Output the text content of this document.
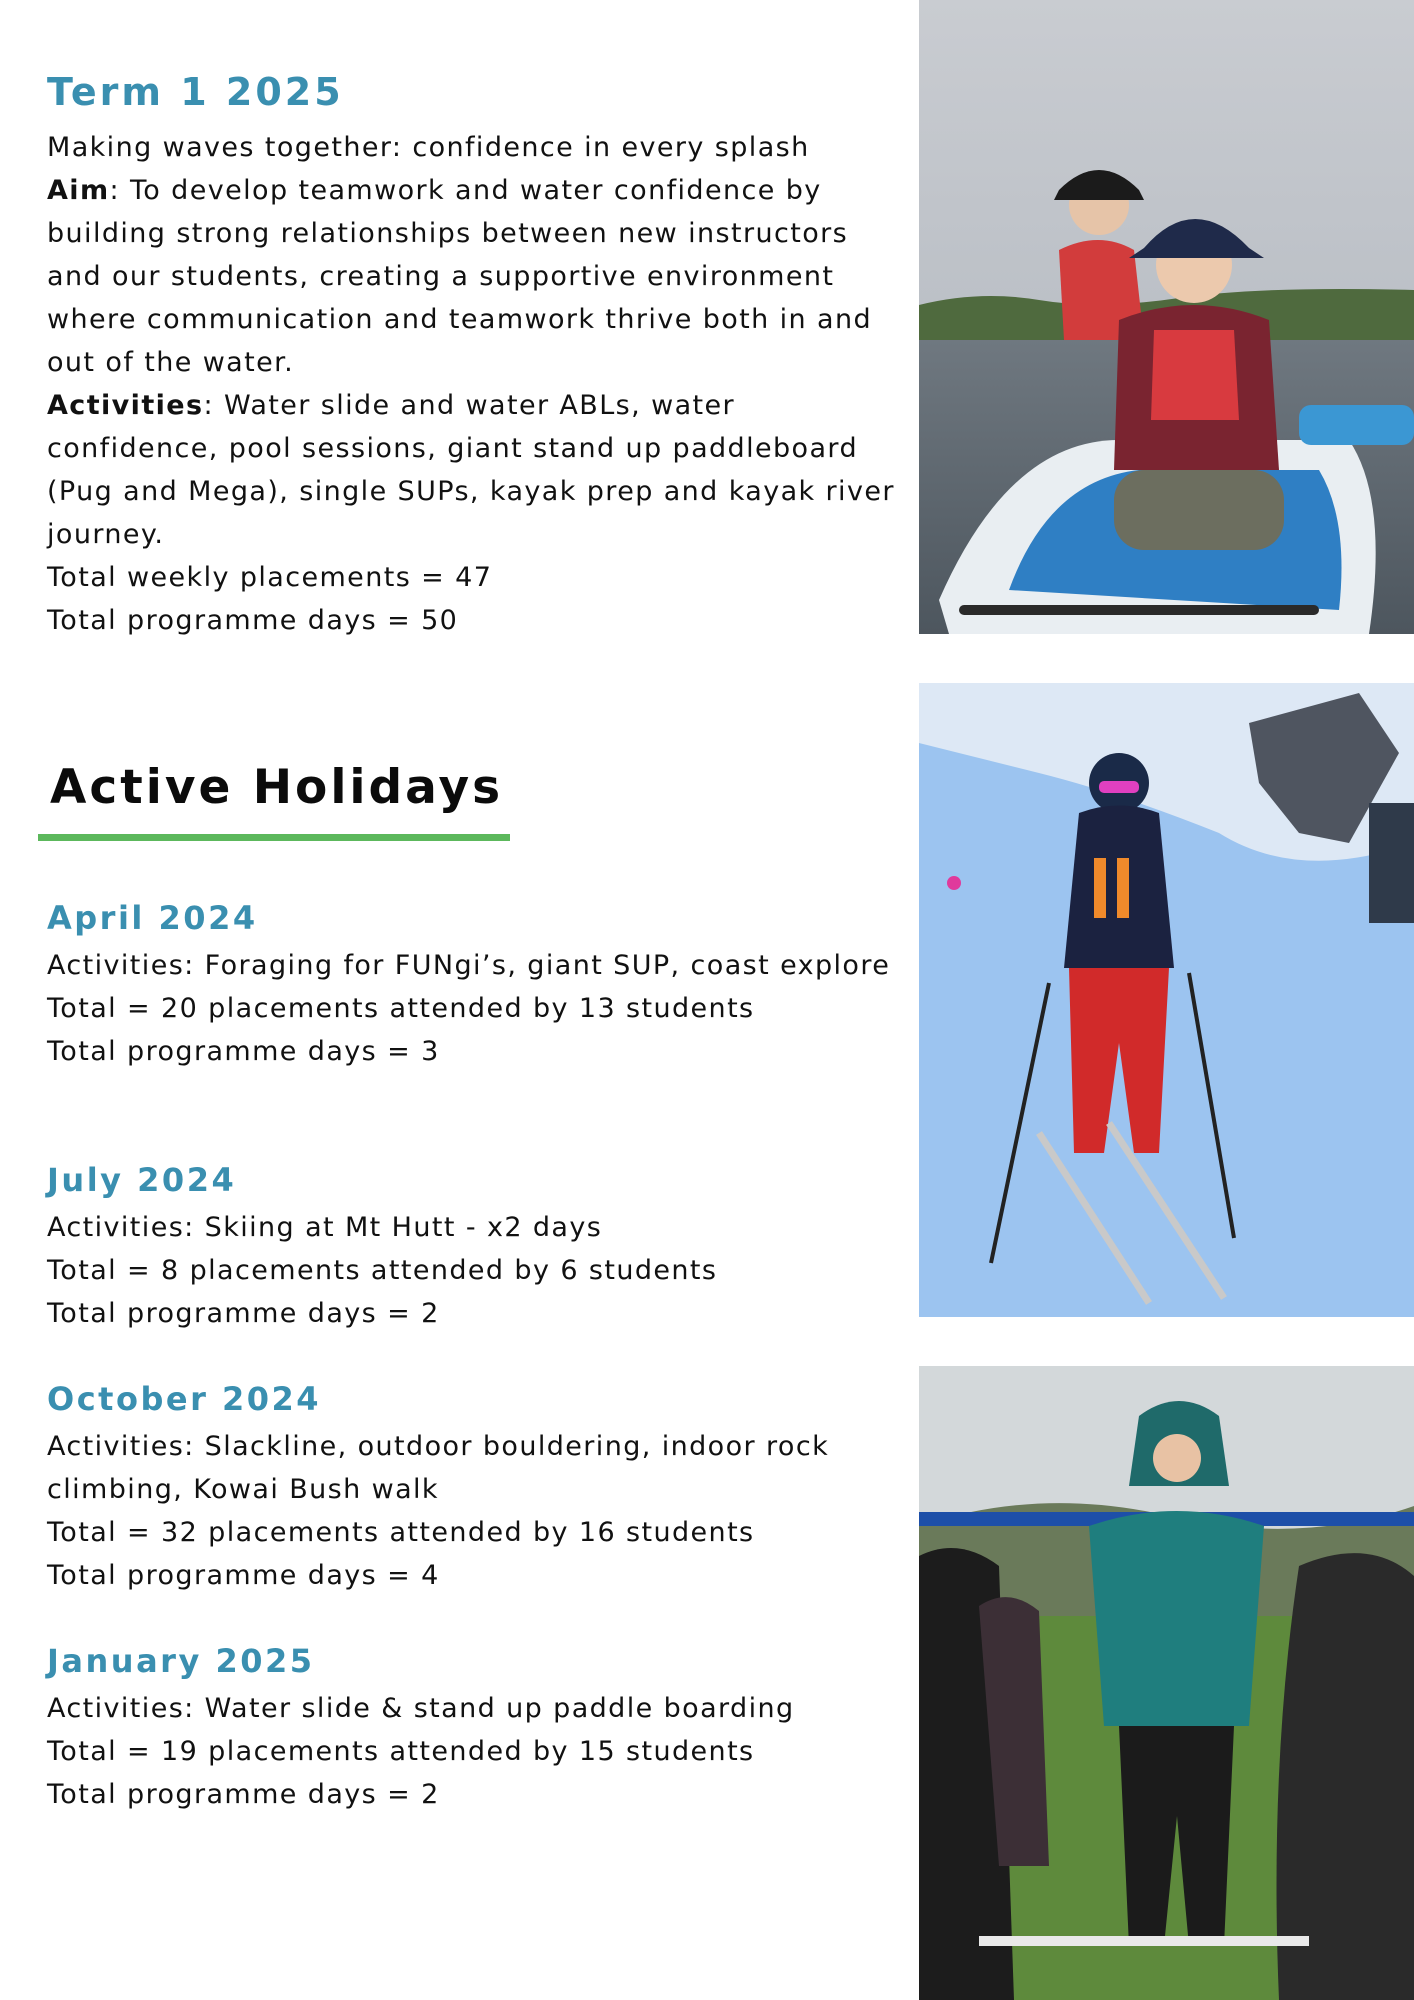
Term 1 2025

Making waves together: confidence in every splash

Aim: To develop teamwork and water confidence by building strong relationships between new instructors and our students, creating a supportive environment where communication and teamwork thrive both in and out of the water.

Activities: Water slide and water ABLs, water confidence, pool sessions, giant stand up paddleboard (Pug and Mega), single SUPs, kayak prep and kayak river journey.

Total weekly placements = 47

Total programme days = 50

Active Holidays
April 2024

Activities: Foraging for FUNgi’s, giant SUP, coast explore

Total = 20 placements attended by 13 students

Total programme days = 3

July 2024

Activities: Skiing at Mt Hutt - x2 days

Total = 8 placements attended by 6 students

Total programme days = 2

October 2024

Activities: Slackline, outdoor bouldering, indoor rock climbing, Kowai Bush walk

Total = 32 placements attended by 16 students

Total programme days = 4

January 2025

Activities: Water slide & stand up paddle boarding

Total = 19 placements attended by 15 students

Total programme days = 2
